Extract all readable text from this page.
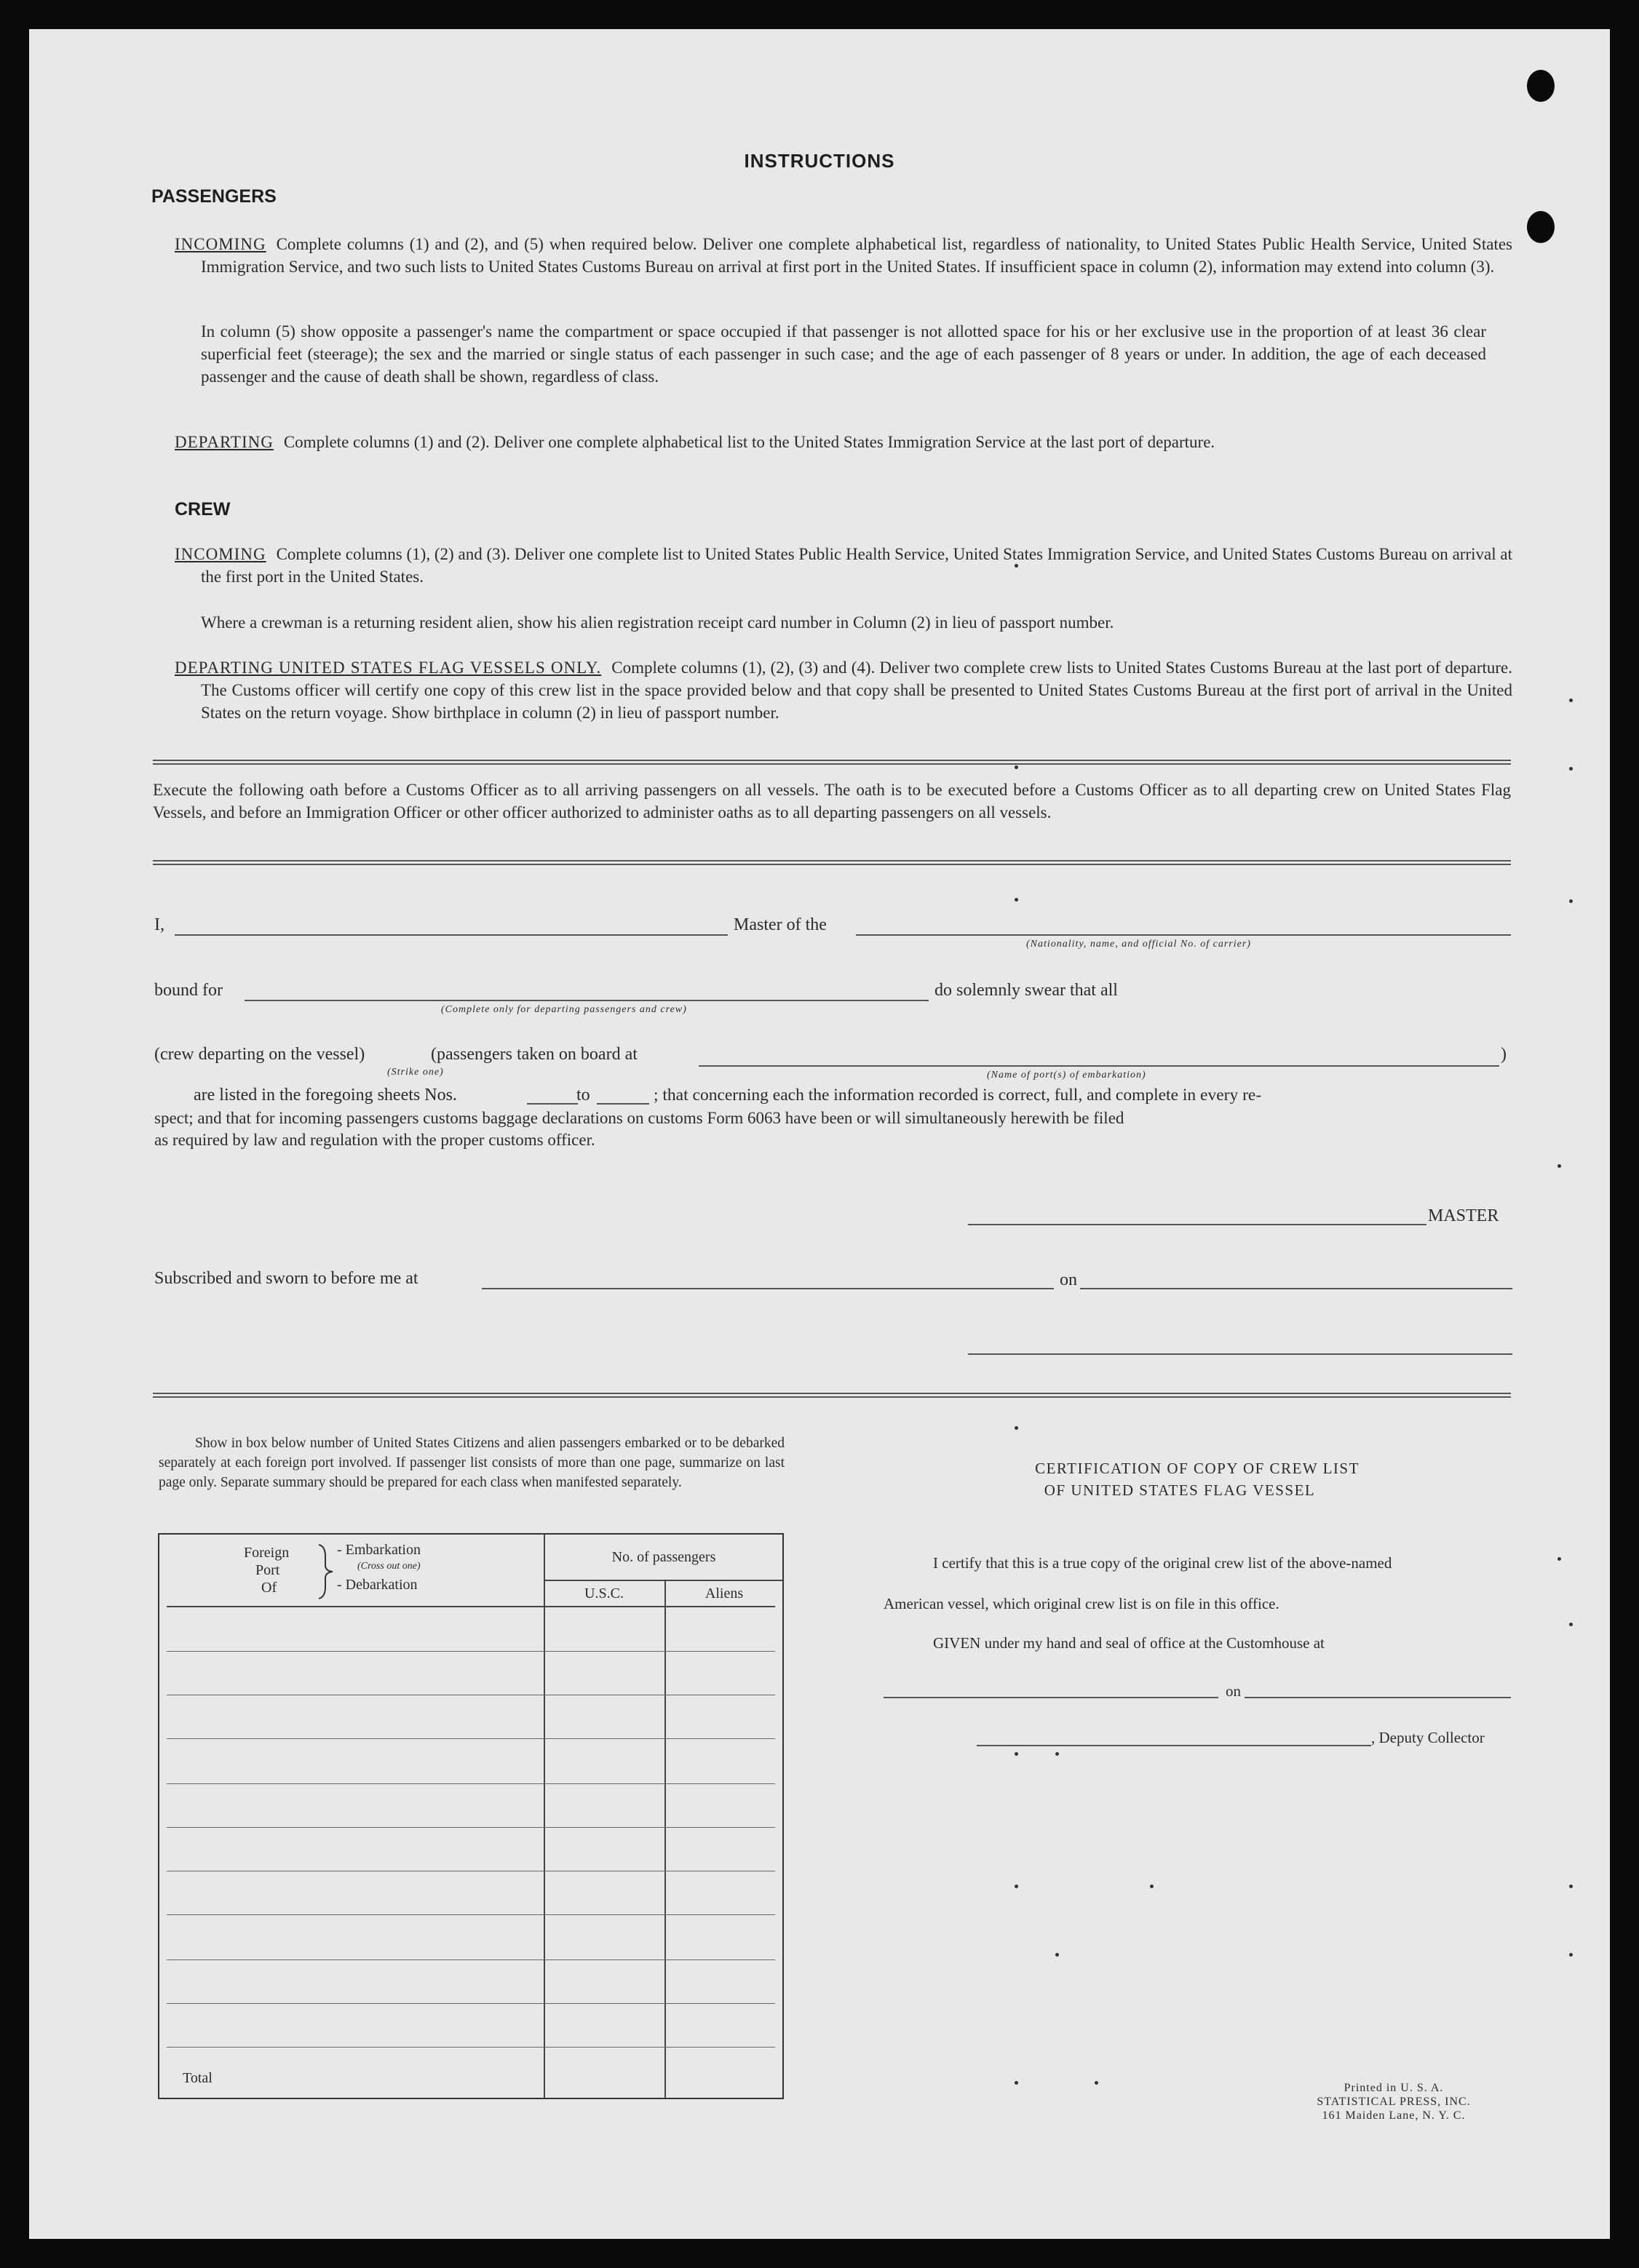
INSTRUCTIONS
PASSENGERS
INCOMING Complete columns (1) and (2), and (5) when required below. Deliver one complete alphabetical list, regardless of nationality, to United States Public Health Service, United States Immigration Service, and two such lists to United States Customs Bureau on arrival at first port in the United States. If insufficient space in column (2), information may extend into column (3).
In column (5) show opposite a passenger's name the compartment or space occupied if that passenger is not allotted space for his or her exclusive use in the proportion of at least 36 clear superficial feet (steerage); the sex and the married or single status of each passenger in such case; and the age of each passenger of 8 years or under. In addition, the age of each deceased passenger and the cause of death shall be shown, regardless of class.
DEPARTING Complete columns (1) and (2). Deliver one complete alphabetical list to the United States Immigration Service at the last port of departure.
CREW
INCOMING Complete columns (1), (2) and (3). Deliver one complete list to United States Public Health Service, United States Immigration Service, and United States Customs Bureau on arrival at the first port in the United States.
Where a crewman is a returning resident alien, show his alien registration receipt card number in Column (2) in lieu of passport number.
DEPARTING UNITED STATES FLAG VESSELS ONLY. Complete columns (1), (2), (3) and (4). Deliver two complete crew lists to United States Customs Bureau at the last port of departure. The Customs officer will certify one copy of this crew list in the space provided below and that copy shall be presented to United States Customs Bureau at the first port of arrival in the United States on the return voyage. Show birthplace in column (2) in lieu of passport number.
Execute the following oath before a Customs Officer as to all arriving passengers on all vessels. The oath is to be executed before a Customs Officer as to all departing crew on United States Flag Vessels, and before an Immigration Officer or other officer authorized to administer oaths as to all departing passengers on all vessels.
I,	Master of the
(Nationality, name, and official No. of carrier)
bound for
(Complete only for departing passengers and crew)
do solemnly swear that all
(crew departing on the vessel)
(Strike one)
(passengers taken on board at
(Name of port(s) of embarkation)
)
are listed in the foregoing sheets Nos.	to	; that concerning each the information recorded is correct, full, and complete in every re-
spect; and that for incoming passengers customs baggage declarations on customs Form 6063 have been or will simultaneously herewith be filed
as required by law and regulation with the proper customs officer.
MASTER
Subscribed and sworn to before me at	on
Show in box below number of United States Citizens and alien passengers embarked or to be debarked separately at each foreign port involved. If passenger list consists of more than one page, summarize on last page only. Separate summary should be prepared for each class when manifested separately.
Foreign
Port
Of
- Embarkation
(Cross out one)
- Debarkation
No. of passengers
U.S.C.	Aliens
Total
CERTIFICATION OF COPY OF CREW LIST
OF UNITED STATES FLAG VESSEL
I certify that this is a true copy of the original crew list of the above-named
American vessel, which original crew list is on file in this office.
GIVEN under my hand and seal of office at the Customhouse at
on
, Deputy Collector
Printed in U. S. A.
STATISTICAL PRESS, INC.
161 Maiden Lane, N. Y. C.
